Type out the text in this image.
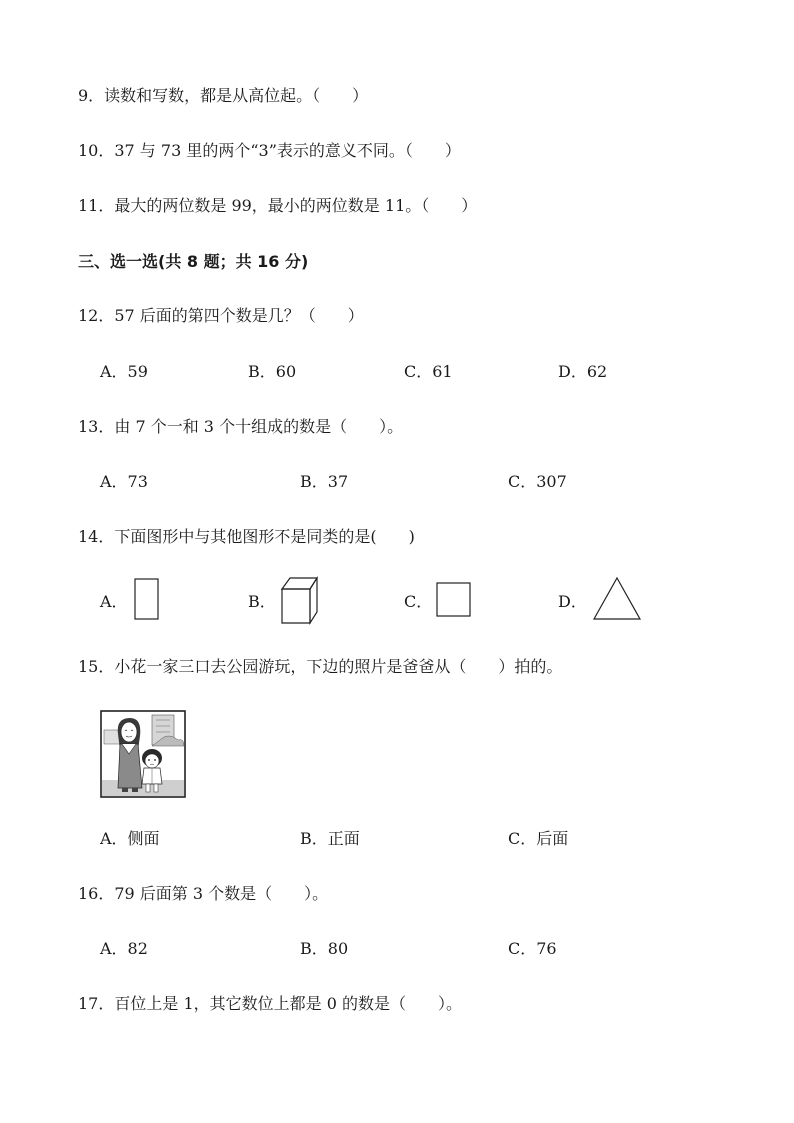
9．读数和写数，都是从高位起。（　　）
10．37 与 73 里的两个“3”表示的意义不同。（　　）
11．最大的两位数是 99，最小的两位数是 11。（　　）
三、选一选(共 8 题；共 16 分)
12．57 后面的第四个数是几？（　　）
A．59	B．60	C．61	D．62
13．由 7 个一和 3 个十组成的数是（　　）。
A．73	B．37	C．307
14．下面图形中与其他图形不是同类的是(　　)
A．	B．	C．	D．
15．小花一家三口去公园游玩，下边的照片是爸爸从（　　）拍的。
A．侧面	B．正面	C．后面
16．79 后面第 3 个数是（　　）。
A．82	B．80	C．76
17．百位上是 1，其它数位上都是 0 的数是（　　）。
